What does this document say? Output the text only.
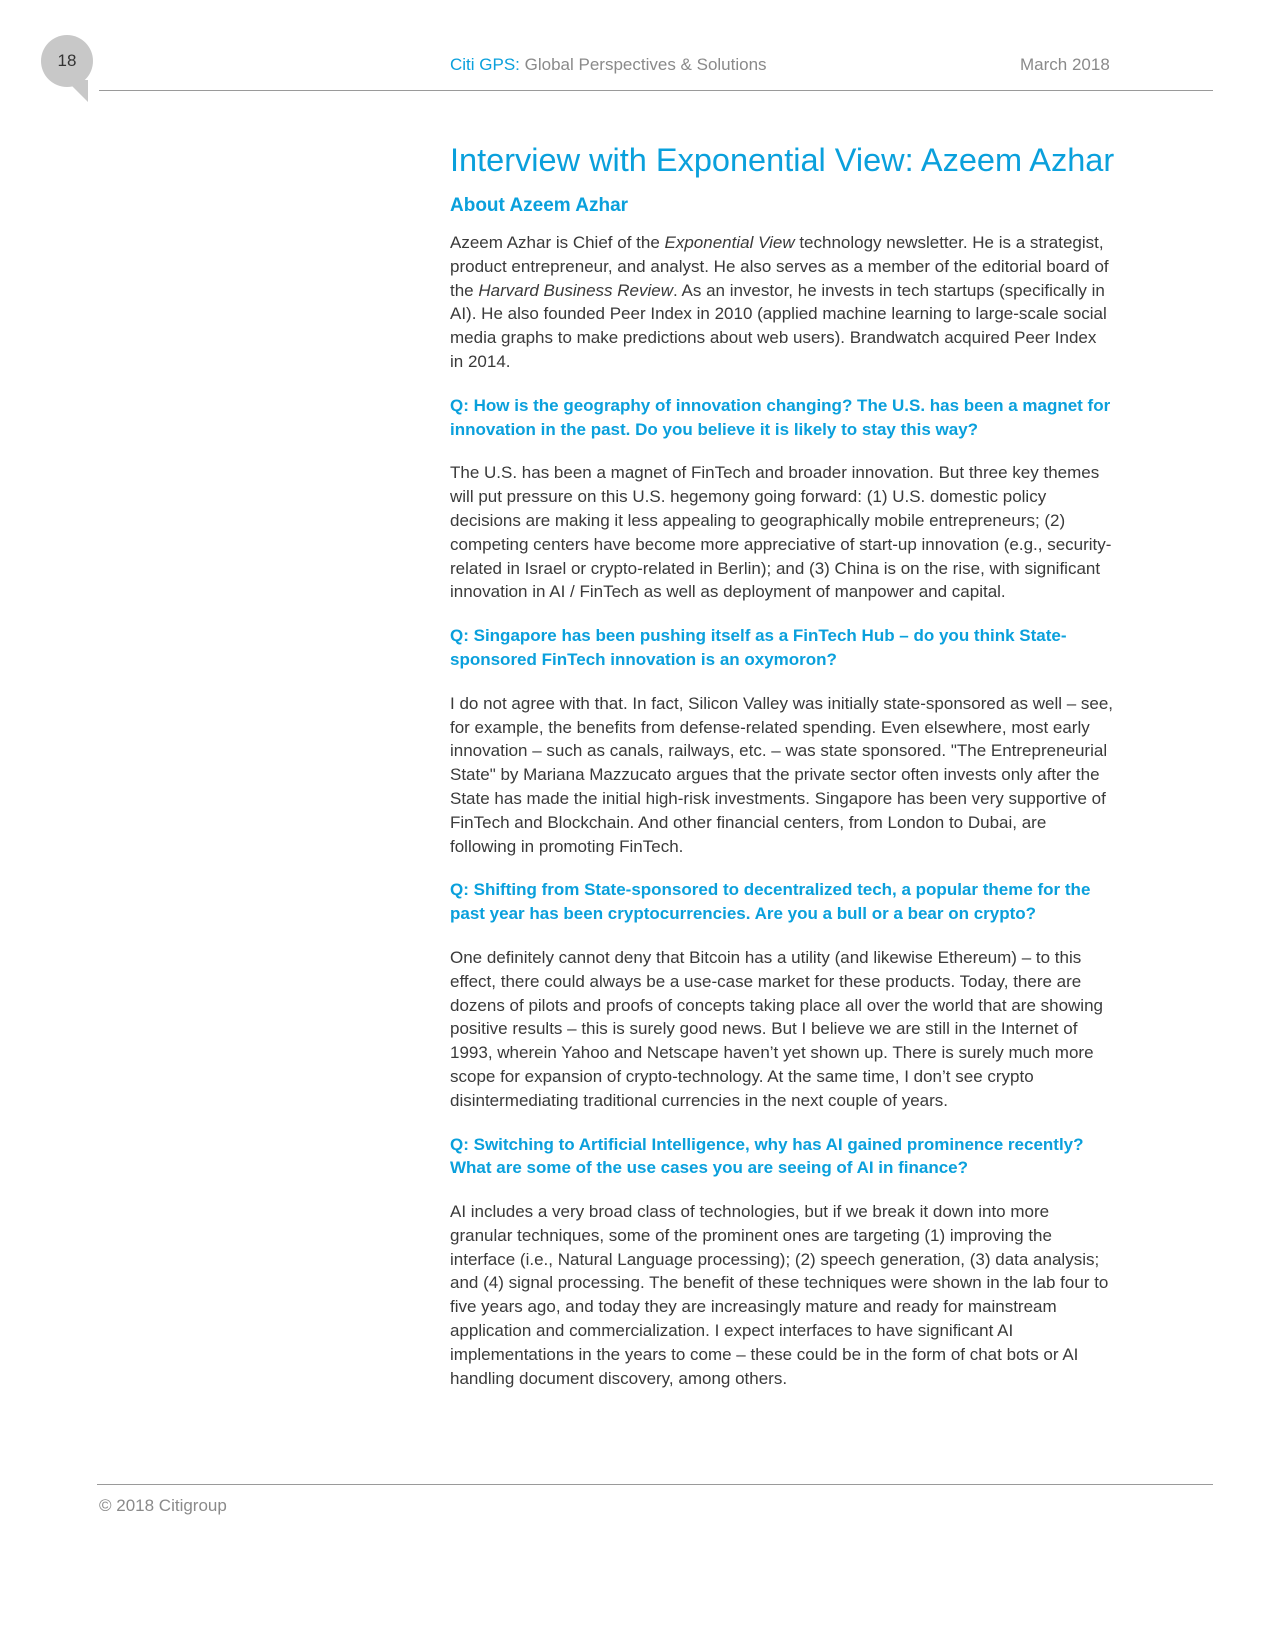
18	Citi GPS: Global Perspectives & Solutions	March 2018
Interview with Exponential View: Azeem Azhar
About Azeem Azhar

Azeem Azhar is Chief of the Exponential View technology newsletter. He is a strategist, product entrepreneur, and analyst. He also serves as a member of the editorial board of the Harvard Business Review. As an investor, he invests in tech startups (specifically in AI). He also founded Peer Index in 2010 (applied machine learning to large-scale social media graphs to make predictions about web users). Brandwatch acquired Peer Index in 2014.

Q: How is the geography of innovation changing? The U.S. has been a magnet for innovation in the past. Do you believe it is likely to stay this way?

The U.S. has been a magnet of FinTech and broader innovation. But three key themes will put pressure on this U.S. hegemony going forward: (1) U.S. domestic policy decisions are making it less appealing to geographically mobile entrepreneurs; (2) competing centers have become more appreciative of start-up innovation (e.g., security-related in Israel or crypto-related in Berlin); and (3) China is on the rise, with significant innovation in AI / FinTech as well as deployment of manpower and capital.

Q: Singapore has been pushing itself as a FinTech Hub – do you think State-sponsored FinTech innovation is an oxymoron?

I do not agree with that. In fact, Silicon Valley was initially state-sponsored as well – see, for example, the benefits from defense-related spending. Even elsewhere, most early innovation – such as canals, railways, etc. – was state sponsored. "The Entrepreneurial State" by Mariana Mazzucato argues that the private sector often invests only after the State has made the initial high-risk investments. Singapore has been very supportive of FinTech and Blockchain. And other financial centers, from London to Dubai, are following in promoting FinTech.

Q: Shifting from State-sponsored to decentralized tech, a popular theme for the past year has been cryptocurrencies. Are you a bull or a bear on crypto?

One definitely cannot deny that Bitcoin has a utility (and likewise Ethereum) – to this effect, there could always be a use-case market for these products. Today, there are dozens of pilots and proofs of concepts taking place all over the world that are showing positive results – this is surely good news. But I believe we are still in the Internet of 1993, wherein Yahoo and Netscape haven’t yet shown up. There is surely much more scope for expansion of crypto-technology. At the same time, I don’t see crypto disintermediating traditional currencies in the next couple of years.

Q: Switching to Artificial Intelligence, why has AI gained prominence recently? What are some of the use cases you are seeing of AI in finance?

AI includes a very broad class of technologies, but if we break it down into more granular techniques, some of the prominent ones are targeting (1) improving the interface (i.e., Natural Language processing); (2) speech generation, (3) data analysis; and (4) signal processing. The benefit of these techniques were shown in the lab four to five years ago, and today they are increasingly mature and ready for mainstream application and commercialization. I expect interfaces to have significant AI implementations in the years to come – these could be in the form of chat bots or AI handling document discovery, among others.

© 2018 Citigroup
